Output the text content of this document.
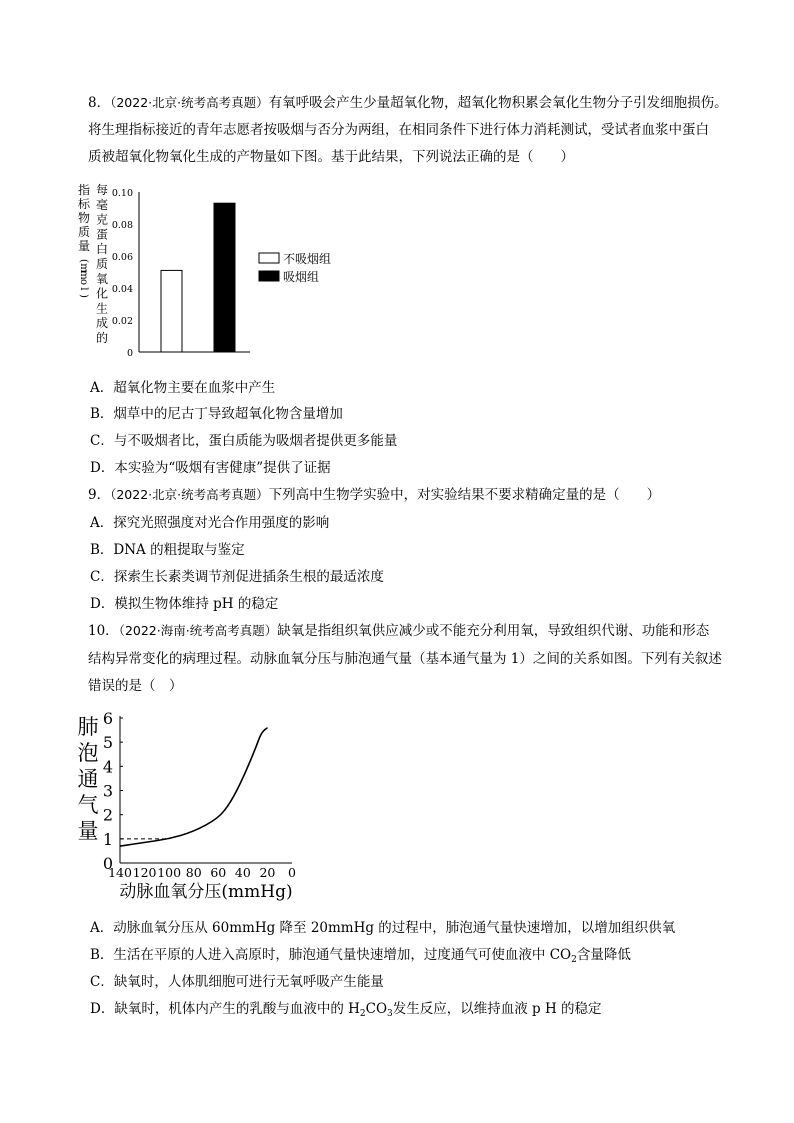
8．（2022·北京·统考高考真题）有氧呼吸会产生少量超氧化物，超氧化物积累会氧化生物分子引发细胞损伤。
将生理指标接近的青年志愿者按吸烟与否分为两组，在相同条件下进行体力消耗测试，受试者血浆中蛋白
质被超氧化物氧化生成的产物量如下图。基于此结果，下列说法正确的是（　　）
指
标
物
质
量
(
m
m
o
l
)
每
毫
克
蛋
白
质
氧
化
生
成
的
0
0.02
0.04
0.06
0.08
0.10
不吸烟组
吸烟组
A．超氧化物主要在血浆中产生
B．烟草中的尼古丁导致超氧化物含量增加
C．与不吸烟者比，蛋白质能为吸烟者提供更多能量
D．本实验为“吸烟有害健康”提供了证据
9．（2022·北京·统考高考真题）下列高中生物学实验中，对实验结果不要求精确定量的是（　　）
A．探究光照强度对光合作用强度的影响
B．DNA 的粗提取与鉴定
C．探索生长素类调节剂促进插条生根的最适浓度
D．模拟生物体维持 pH 的稳定
10．（2022·海南·统考高考真题）缺氧是指组织氧供应减少或不能充分利用氧，导致组织代谢、功能和形态
结构异常变化的病理过程。动脉血氧分压与肺泡通气量（基本通气量为 1）之间的关系如图。下列有关叙述
错误的是（　）
肺
泡
通
气
量
0
1
2
3
4
5
6
140 120 100 80 60 40 20 0
动脉血氧分压(mmHg)
A．动脉血氧分压从 60mmHg 降至 20mmHg 的过程中，肺泡通气量快速增加，以增加组织供氧
B．生活在平原的人进入高原时，肺泡通气量快速增加，过度通气可使血液中 $CO_2$含量降低
C．缺氧时，人体肌细胞可进行无氧呼吸产生能量
D．缺氧时，机体内产生的乳酸与血液中的 $H_2CO_3$发生反应，以维持血液 p H 的稳定
